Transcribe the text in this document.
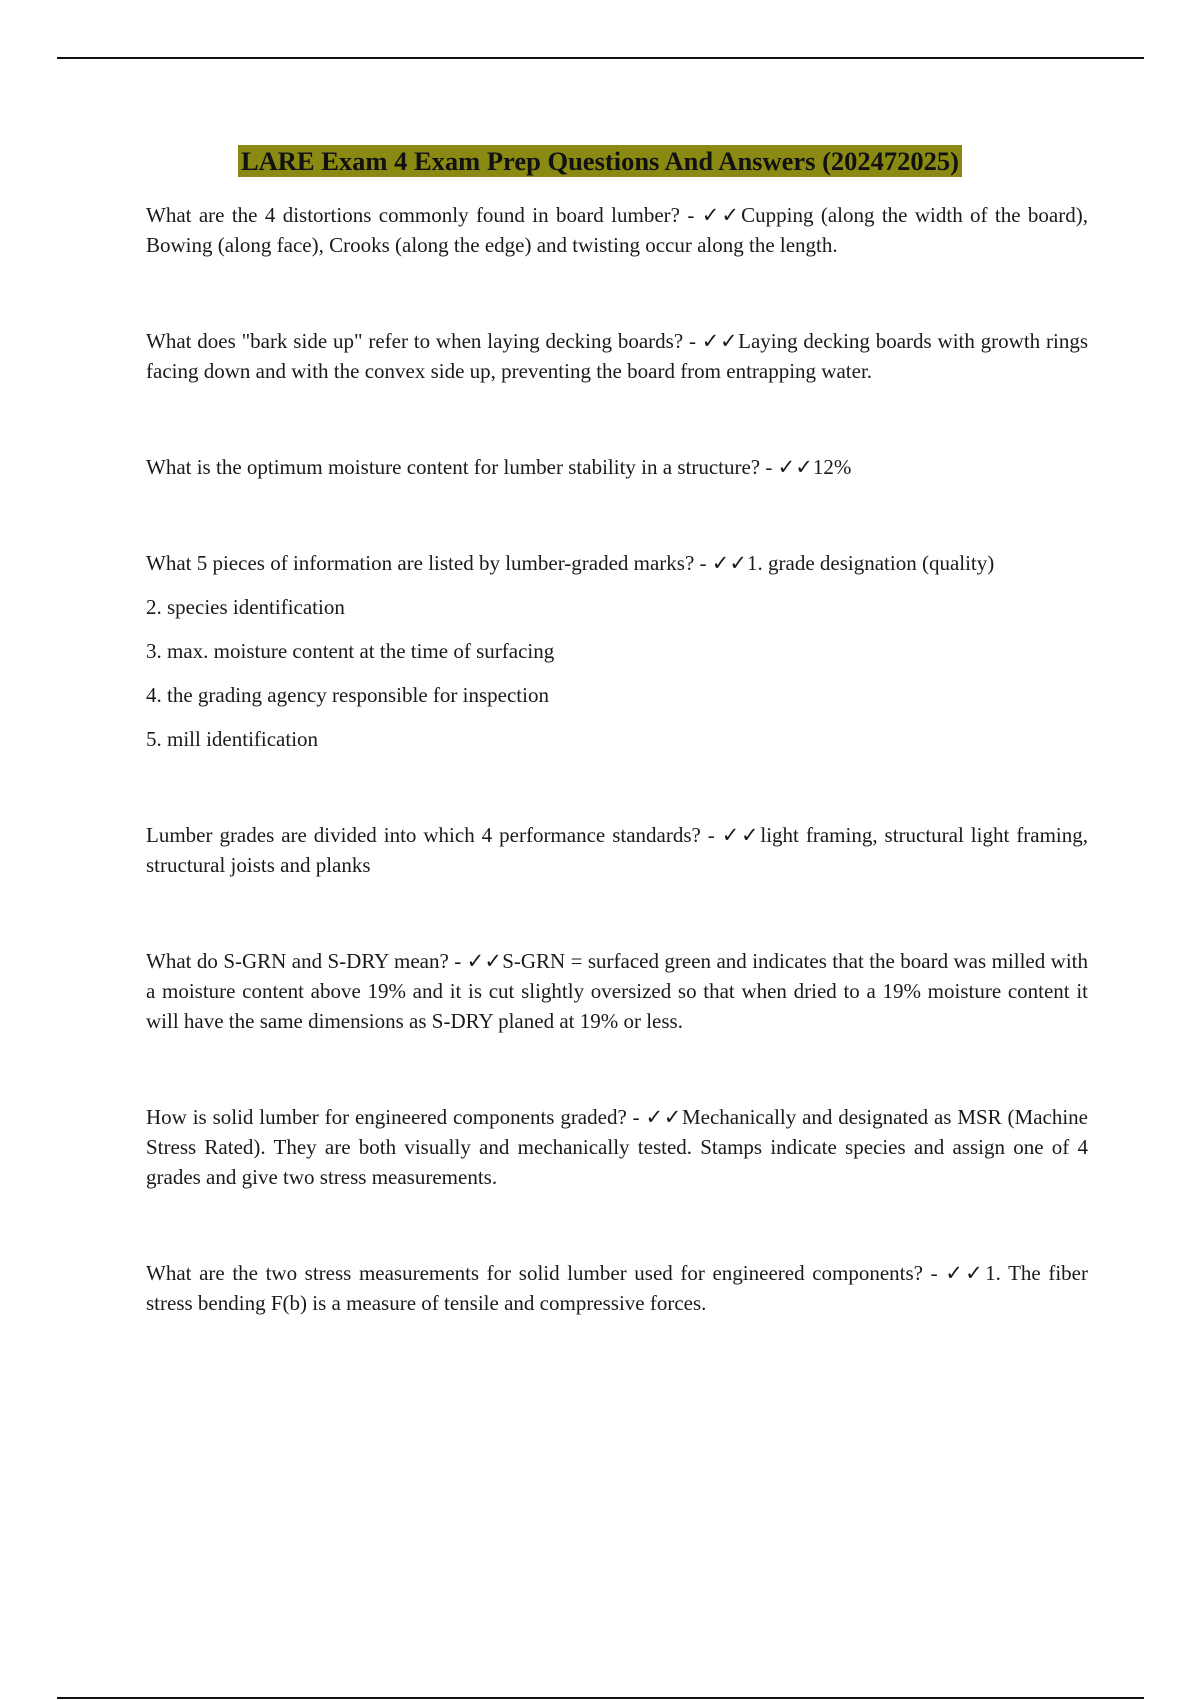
LARE Exam 4 Exam Prep Questions And Answers (202472025)

What are the 4 distortions commonly found in board lumber? - ✓✓Cupping (along the width of the board), Bowing (along face), Crooks (along the edge) and twisting occur along the length.

What does "bark side up" refer to when laying decking boards? - ✓✓Laying decking boards with growth rings facing down and with the convex side up, preventing the board from entrapping water.

What is the optimum moisture content for lumber stability in a structure? - ✓✓12%

What 5 pieces of information are listed by lumber-graded marks? - ✓✓1. grade designation (quality)

2. species identification

3. max. moisture content at the time of surfacing

4. the grading agency responsible for inspection

5. mill identification

Lumber grades are divided into which 4 performance standards? - ✓✓light framing, structural light framing, structural joists and planks

What do S-GRN and S-DRY mean? - ✓✓S-GRN = surfaced green and indicates that the board was milled with a moisture content above 19% and it is cut slightly oversized so that when dried to a 19% moisture content it will have the same dimensions as S-DRY planed at 19% or less.

How is solid lumber for engineered components graded? - ✓✓Mechanically and designated as MSR (Machine Stress Rated). They are both visually and mechanically tested. Stamps indicate species and assign one of 4 grades and give two stress measurements.

What are the two stress measurements for solid lumber used for engineered components? - ✓✓1. The fiber stress bending F(b) is a measure of tensile and compressive forces.
